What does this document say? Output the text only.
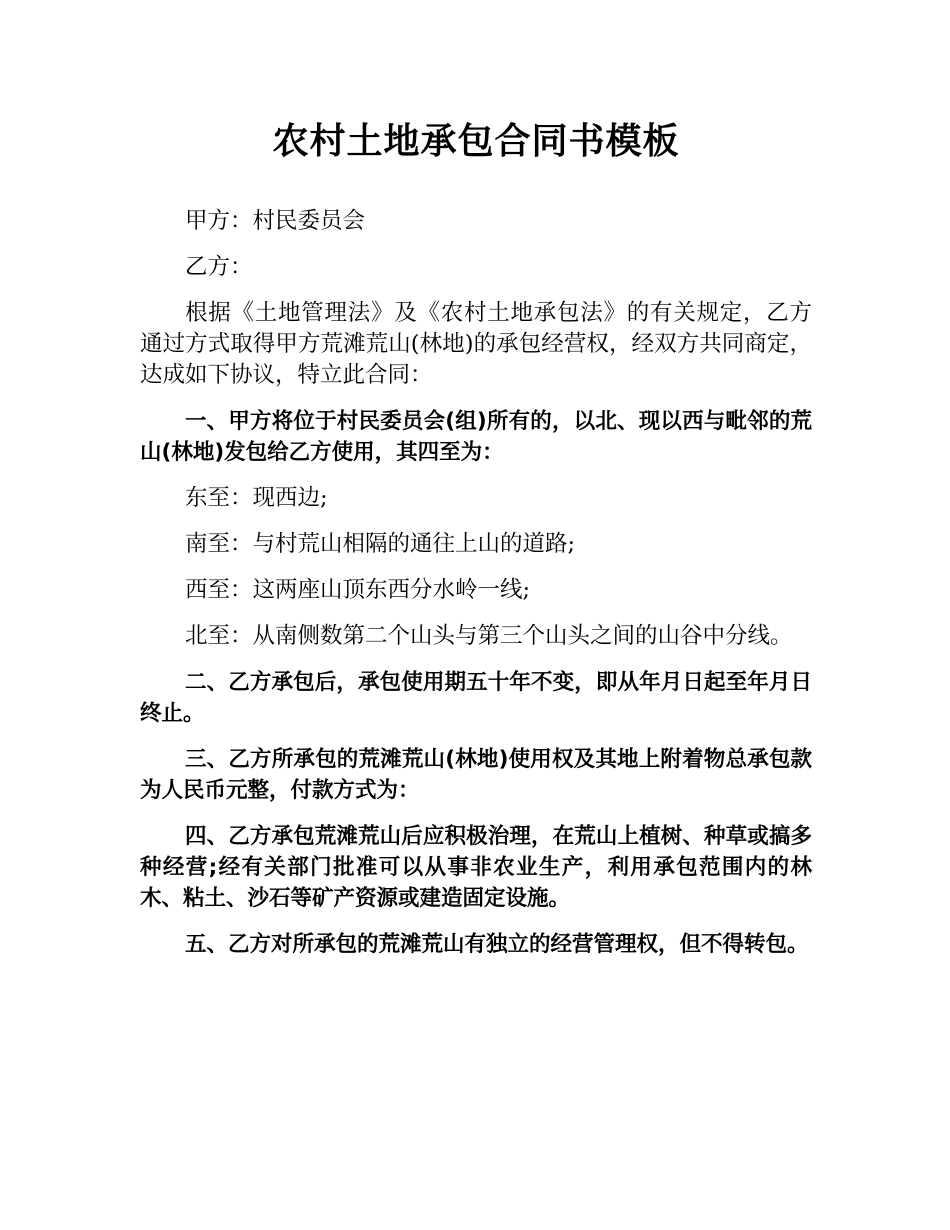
农村土地承包合同书模板

甲方：村民委员会

乙方：

根据《土地管理法》及《农村土地承包法》的有关规定，乙方通过方式取得甲方荒滩荒山(林地)的承包经营权，经双方共同商定，达成如下协议，特立此合同：

一、甲方将位于村民委员会(组)所有的，以北、现以西与毗邻的荒山(林地)发包给乙方使用，其四至为：

东至：现西边;

南至：与村荒山相隔的通往上山的道路;

西至：这两座山顶东西分水岭一线;

北至：从南侧数第二个山头与第三个山头之间的山谷中分线。

二、乙方承包后，承包使用期五十年不变，即从年月日起至年月日终止。

三、乙方所承包的荒滩荒山(林地)使用权及其地上附着物总承包款为人民币元整，付款方式为：

四、乙方承包荒滩荒山后应积极治理，在荒山上植树、种草或搞多种经营;经有关部门批准可以从事非农业生产，利用承包范围内的林木、粘土、沙石等矿产资源或建造固定设施。

五、乙方对所承包的荒滩荒山有独立的经营管理权，但不得转包。
